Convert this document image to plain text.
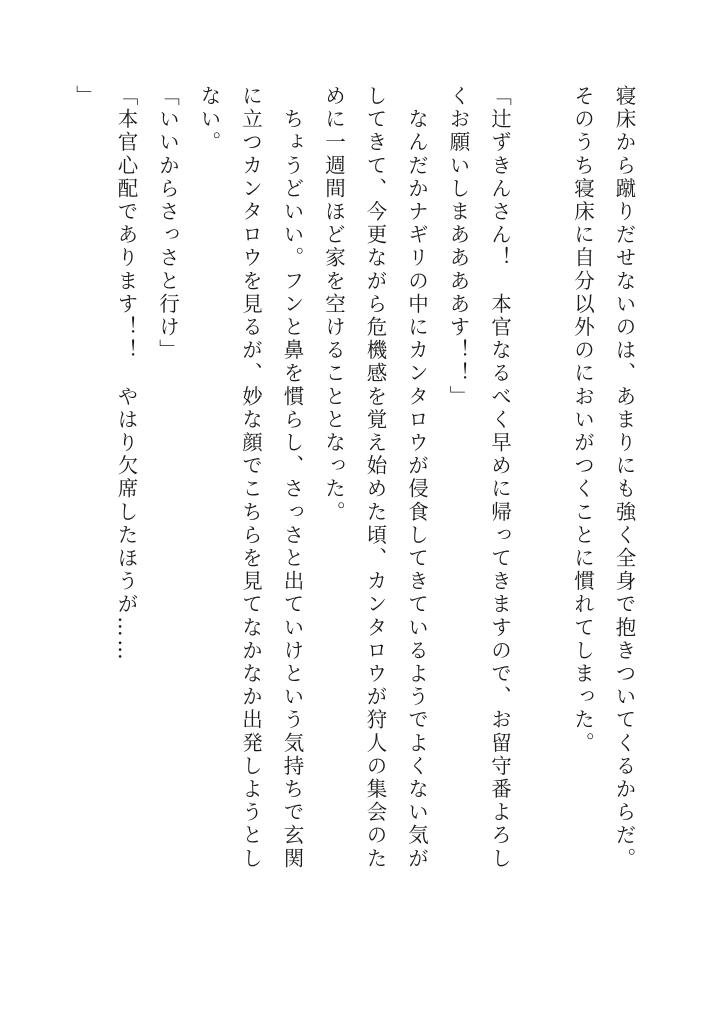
寝床から蹴りだせないのは、あまりにも強く全身で抱きついてくるからだ。
そのうち寝床に自分以外のにおいがつくことに慣れてしまった。
「辻ずきんさん！　本官なるべく早めに帰ってきますので、お留守番よろし
くお願いしまああああす！！」
　なんだかナギリの中にカンタロウが侵食してきているようでよくない気が
してきて、今更ながら危機感を覚え始めた頃、カンタロウが狩人の集会のた
めに一週間ほど家を空けることとなった。
　ちょうどいい。フンと鼻を慣らし、さっさと出ていけという気持ちで玄関
に立つカンタロウを見るが、妙な顔でこちらを見てなかなか出発しようとし
ない。
「いいからさっさと行け」
「本官心配であります！！　やはり欠席したほうが……
」
